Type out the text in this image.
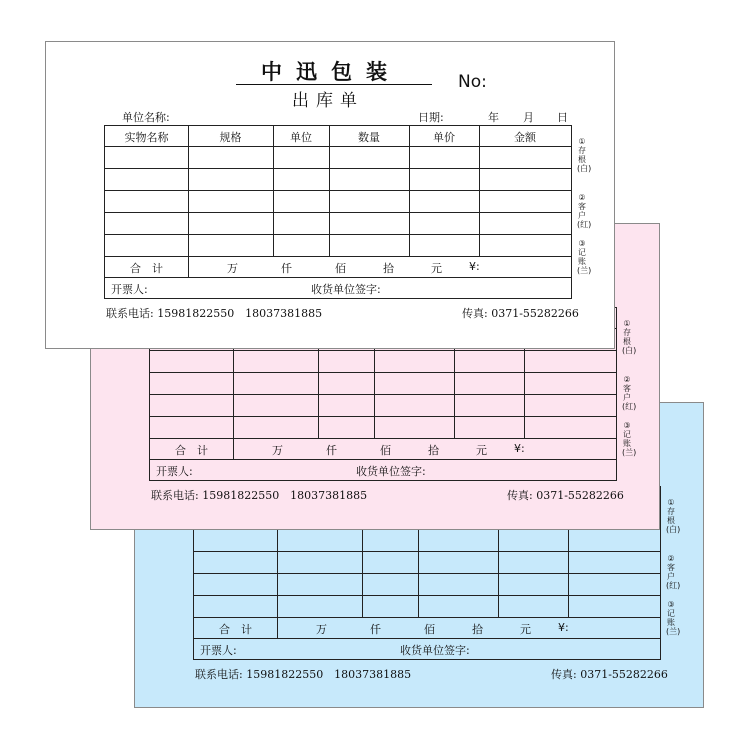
中迅包装	No:
出库单
单位名称:	日期:	年 月 日
实物名称	规格	单位	数量	单价	金额
合　计	万	仟	佰	拾	元 ¥:
开票人:	收货单位签字:
①存根(白)
②客户(红)
③记账(兰)
联系电话: 15981822550　18037381885	传真: 0371-55282266
合　计	万	仟	佰	拾	元 ¥:
开票人:	收货单位签字:
①存根(白)
②客户(红)
③记账(兰)
联系电话: 15981822550　18037381885	传真: 0371-55282266
合　计	万	仟	佰	拾	元 ¥:
开票人:	收货单位签字:
①存根(白)
②客户(红)
③记账(兰)
联系电话: 15981822550　18037381885	传真: 0371-55282266
